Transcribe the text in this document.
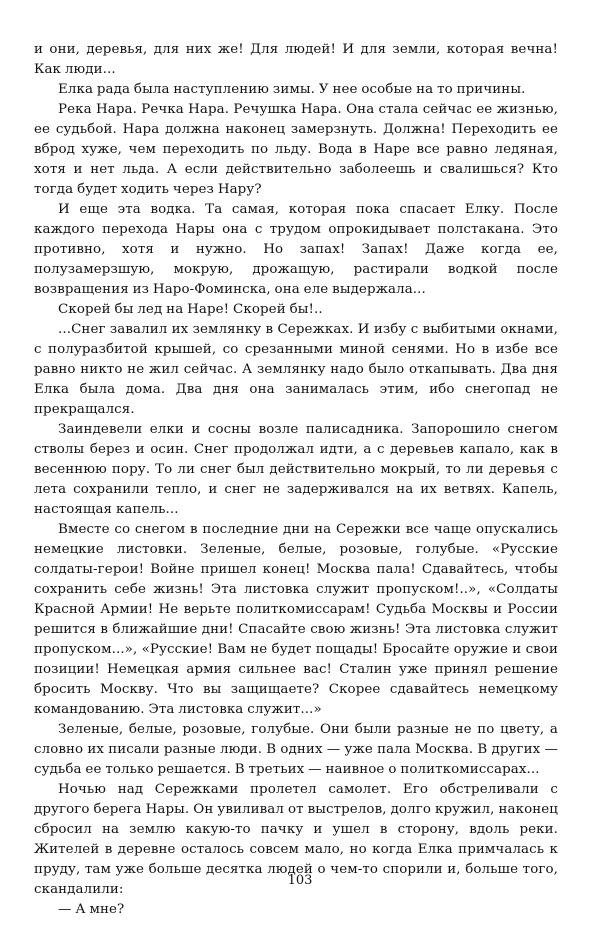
и они, деревья, для них же! Для людей! И для земли, которая вечна! Как люди...

Елка рада была наступлению зимы. У нее особые на то причины.

Река Нара. Речка Нара. Речушка Нара. Она стала сейчас ее жизнью, ее судьбой. Нара должна наконец замерзнуть. Должна! Переходить ее вброд хуже, чем переходить по льду. Вода в Наре все равно ледяная, хотя и нет льда. А если действительно заболеешь и свалишься? Кто тогда будет ходить через Нару?

И еще эта водка. Та самая, которая пока спасает Елку. После каждого перехода Нары она с трудом опрокидывает полстакана. Это противно, хотя и нужно. Но запах! Запах! Даже когда ее, полузамерзшую, мокрую, дрожащую, растирали водкой после возвращения из Наро-Фоминска, она еле выдержала...

Скорей бы лед на Наре! Скорей бы!..

...Снег завалил их землянку в Сережках. И избу с выбитыми окнами, с полуразбитой крышей, со срезанными миной сенями. Но в избе все равно никто не жил сейчас. А землянку надо было откапывать. Два дня Елка была дома. Два дня она занималась этим, ибо снегопад не прекращался.

Заиндевели елки и сосны возле палисадника. Запорошило снегом стволы берез и осин. Снег продолжал идти, а с деревьев капало, как в весеннюю пору. То ли снег был действительно мокрый, то ли деревья с лета сохранили тепло, и снег не задерживался на их ветвях. Капель, настоящая капель...

Вместе со снегом в последние дни на Сережки все чаще опускались немецкие листовки. Зеленые, белые, розовые, голубые. «Русские солдаты-герои! Войне пришел конец! Москва пала! Сдавайтесь, чтобы сохранить себе жизнь! Эта листовка служит пропуском!..», «Солдаты Красной Армии! Не верьте политкомиссарам! Судьба Москвы и России решится в ближайшие дни! Спасайте свою жизнь! Эта листовка служит пропуском...», «Русские! Вам не будет пощады! Бросайте оружие и свои позиции! Немецкая армия сильнее вас! Сталин уже принял решение бросить Москву. Что вы защищаете? Скорее сдавайтесь немецкому командованию. Эта листовка служит...»

Зеленые, белые, розовые, голубые. Они были разные не по цвету, а словно их писали разные люди. В одних — уже пала Москва. В других — судьба ее только решается. В третьих — наивное о политкомиссарах...

Ночью над Сережками пролетел самолет. Его обстреливали с другого берега Нары. Он увиливал от выстрелов, долго кружил, наконец сбросил на землю какую-то пачку и ушел в сторону, вдоль реки. Жителей в деревне осталось совсем мало, но когда Елка примчалась к пруду, там уже больше десятка людей о чем-то спорили и, больше того, скандалили:

— А мне?

103
